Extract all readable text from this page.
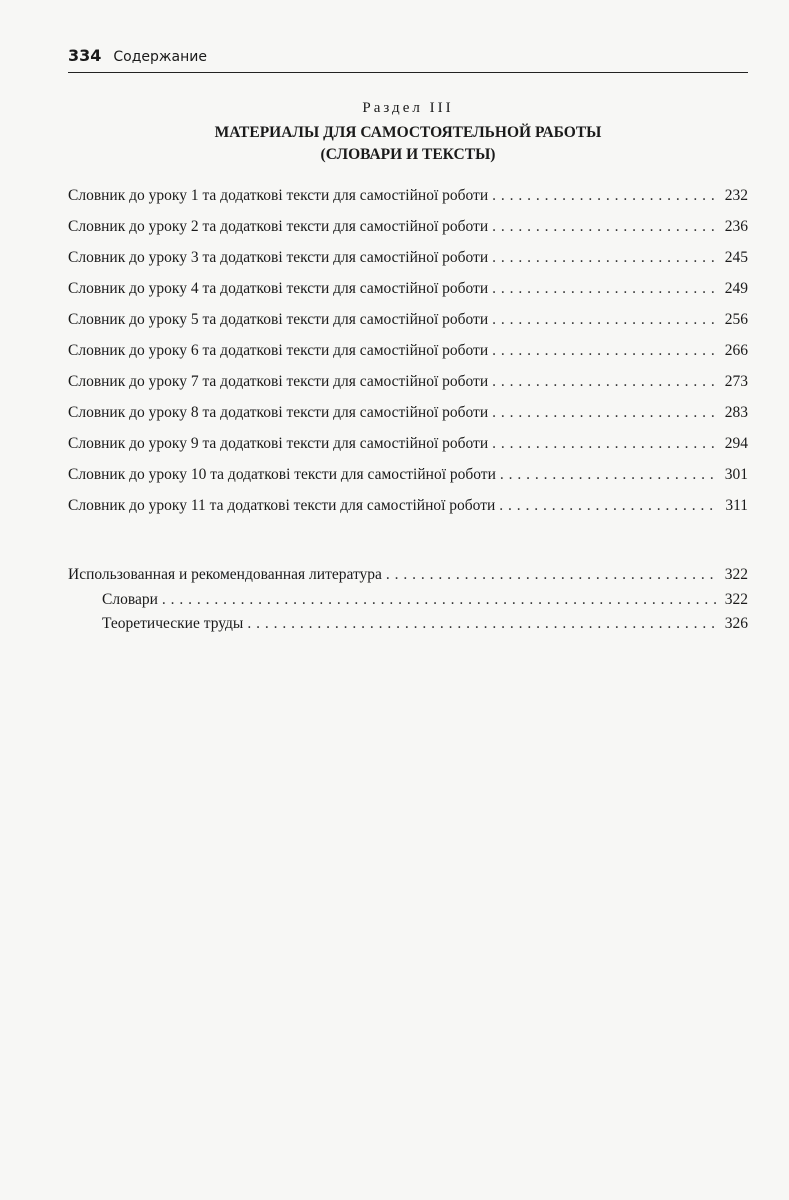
334 Содержание
Раздел III
МАТЕРИАЛЫ ДЛЯ САМОСТОЯТЕЛЬНОЙ РАБОТЫ
(СЛОВАРИ И ТЕКСТЫ)
Словник до уроку 1 та додаткові тексти для самостійної роботи . . .	232
Словник до уроку 2 та додаткові тексти для самостійної роботи . . .	236
Словник до уроку 3 та додаткові тексти для самостійної роботи . . .	245
Словник до уроку 4 та додаткові тексти для самостійної роботи . . .	249
Словник до уроку 5 та додаткові тексти для самостійної роботи . . .	256
Словник до уроку 6 та додаткові тексти для самостійної роботи . . .	266
Словник до уроку 7 та додаткові тексти для самостійної роботи . . .	273
Словник до уроку 8 та додаткові тексти для самостійної роботи . . .	283
Словник до уроку 9 та додаткові тексти для самостійної роботи . . .	294
Словник до уроку 10 та додаткові тексти для самостійної роботи . . .	301
Словник до уроку 11 та додаткові тексти для самостійної роботи . . .	311
Использованная и рекомендованная литература . . .	322
Словари . . .	322
Теоретические труды . . .	326
